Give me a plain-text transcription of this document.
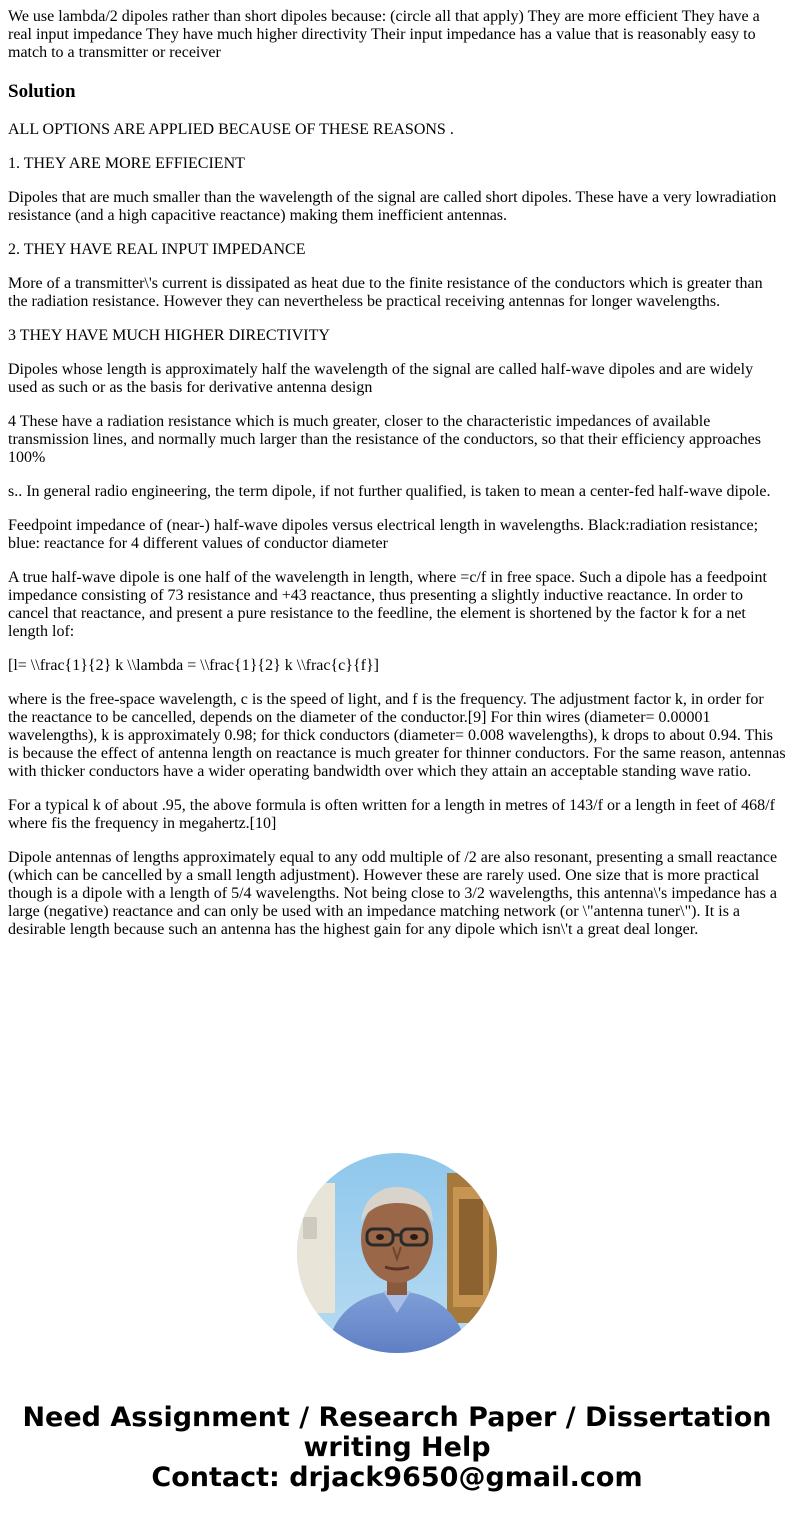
We use lambda/2 dipoles rather than short dipoles because: (circle all that apply) They are more efficient They have a real input impedance They have much higher directivity Their input impedance has a value that is reasonably easy to match to a transmitter or receiver
Solution
ALL OPTIONS ARE APPLIED BECAUSE OF THESE REASONS .
1. THEY ARE MORE EFFIECIENT
Dipoles that are much smaller than the wavelength of the signal are called short dipoles. These have a very lowradiation resistance (and a high capacitive reactance) making them inefficient antennas.
2. THEY HAVE REAL INPUT IMPEDANCE
More of a transmitter\'s current is dissipated as heat due to the finite resistance of the conductors which is greater than the radiation resistance. However they can nevertheless be practical receiving antennas for longer wavelengths.
3 THEY HAVE MUCH HIGHER DIRECTIVITY
Dipoles whose length is approximately half the wavelength of the signal are called half-wave dipoles and are widely used as such or as the basis for derivative antenna design
4 These have a radiation resistance which is much greater, closer to the characteristic impedances of available transmission lines, and normally much larger than the resistance of the conductors, so that their efficiency approaches 100%
s.. In general radio engineering, the term dipole, if not further qualified, is taken to mean a center-fed half-wave dipole.
Feedpoint impedance of (near-) half-wave dipoles versus electrical length in wavelengths. Black:radiation resistance; blue: reactance for 4 different values of conductor diameter
A true half-wave dipole is one half of the wavelength in length, where =c/f in free space. Such a dipole has a feedpoint impedance consisting of 73 resistance and +43 reactance, thus presenting a slightly inductive reactance. In order to cancel that reactance, and present a pure resistance to the feedline, the element is shortened by the factor k for a net length lof:
[l= \\frac{1}{2} k \\lambda = \\frac{1}{2} k \\frac{c}{f}]
where is the free-space wavelength, c is the speed of light, and f is the frequency. The adjustment factor k, in order for the reactance to be cancelled, depends on the diameter of the conductor.[9] For thin wires (diameter= 0.00001 wavelengths), k is approximately 0.98; for thick conductors (diameter= 0.008 wavelengths), k drops to about 0.94. This is because the effect of antenna length on reactance is much greater for thinner conductors. For the same reason, antennas with thicker conductors have a wider operating bandwidth over which they attain an acceptable standing wave ratio.
For a typical k of about .95, the above formula is often written for a length in metres of 143/f or a length in feet of 468/f where fis the frequency in megahertz.[10]
Dipole antennas of lengths approximately equal to any odd multiple of /2 are also resonant, presenting a small reactance (which can be cancelled by a small length adjustment). However these are rarely used. One size that is more practical though is a dipole with a length of 5/4 wavelengths. Not being close to 3/2 wavelengths, this antenna\'s impedance has a large (negative) reactance and can only be used with an impedance matching network (or \"antenna tuner\"). It is a desirable length because such an antenna has the highest gain for any dipole which isn\'t a great deal longer.
Need Assignment / Research Paper / Dissertation
writing Help
Contact: drjack9650@gmail.com
